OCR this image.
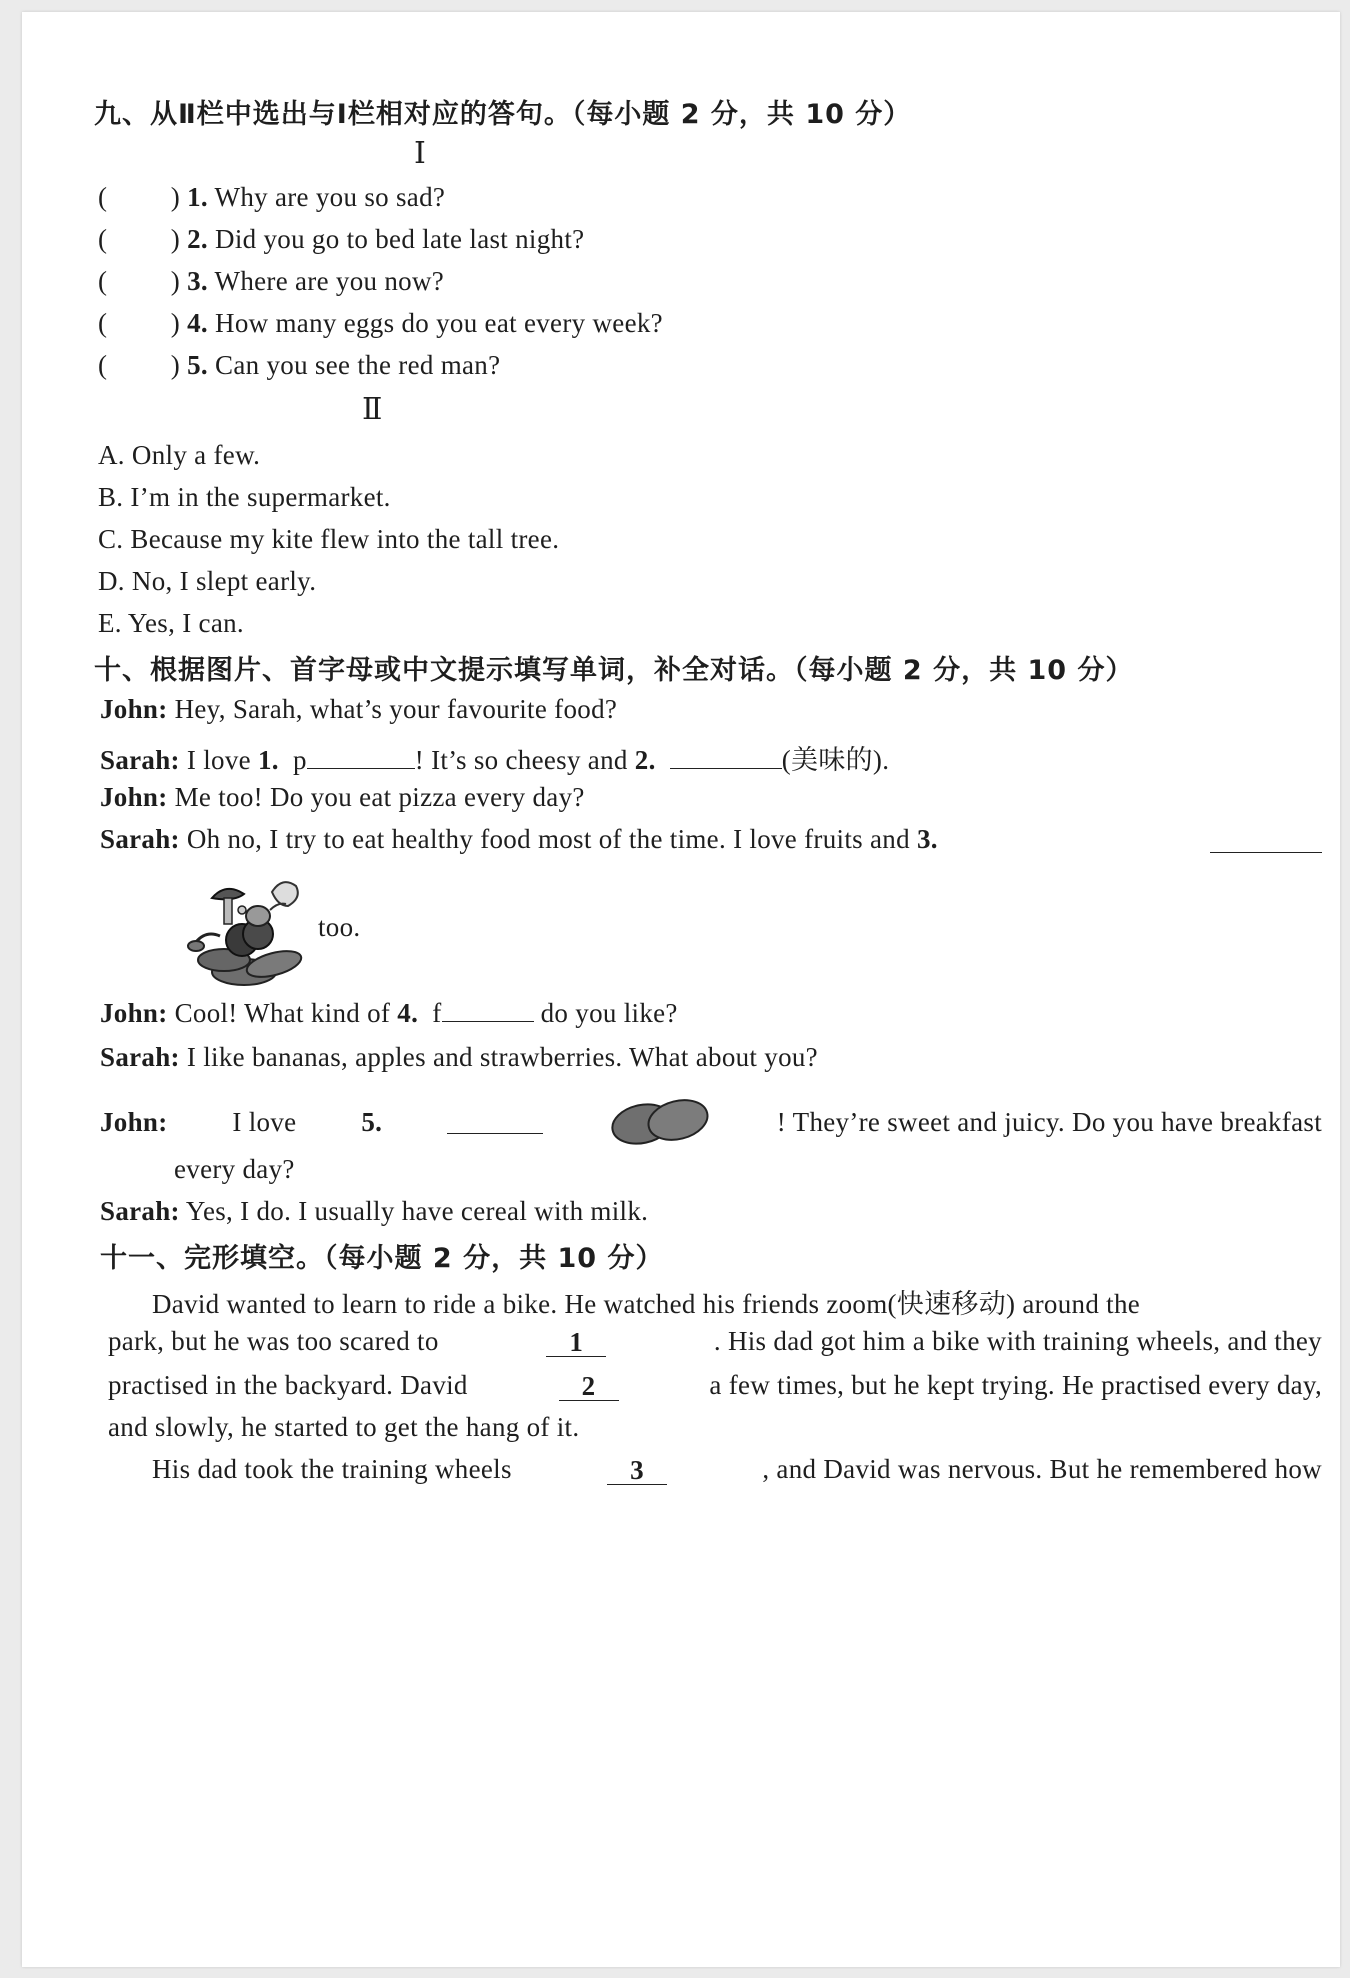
九、从Ⅱ栏中选出与Ⅰ栏相对应的答句。（每小题 2 分，共 10 分）
Ⅰ
(         ) 1. Why are you so sad?
(         ) 2. Did you go to bed late last night?
(         ) 3. Where are you now?
(         ) 4. How many eggs do you eat every week?
(         ) 5. Can you see the red man?
Ⅱ
A. Only a few.
B. I’m in the supermarket.
C. Because my kite flew into the tall tree.
D. No, I slept early.
E. Yes, I can.
十、根据图片、首字母或中文提示填写单词，补全对话。（每小题 2 分，共 10 分）
John: Hey, Sarah, what’s your favourite food?
Sarah: I love 1. p	! It’s so cheesy and 2.	(美味的).
John: Me too! Do you eat pizza every day?
Sarah: Oh no, I try to eat healthy food most of the time. I love fruits and 3.
too.
John: Cool! What kind of 4. f	do you like?
Sarah: I like bananas, apples and strawberries. What about you?
John: I love 5.	! They’re sweet and juicy. Do you have breakfast
every day?
Sarah: Yes, I do. I usually have cereal with milk.
十一、完形填空。（每小题 2 分，共 10 分）
David wanted to learn to ride a bike. He watched his friends zoom(快速移动) around the
park, but he was too scared to	1	. His dad got him a bike with training wheels, and they
practised in the backyard. David	2	a few times, but he kept trying. He practised every day,
and slowly, he started to get the hang of it.
His dad took the training wheels	3	, and David was nervous. But he remembered how
